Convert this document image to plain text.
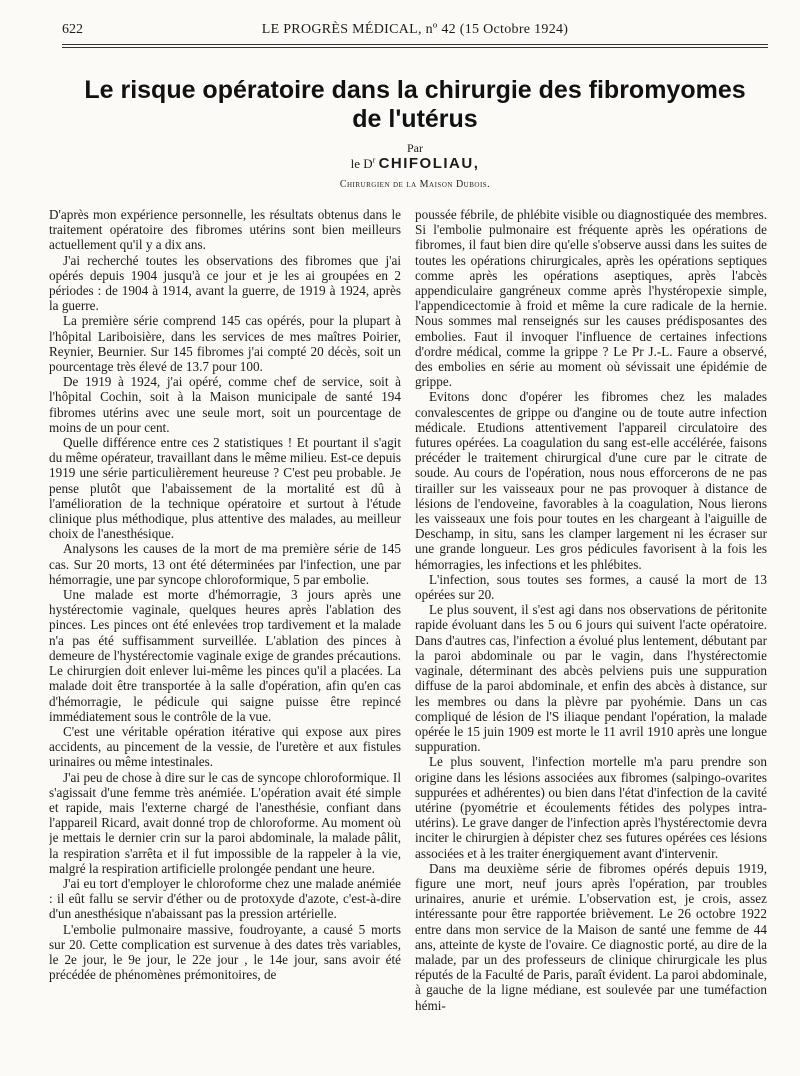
622	LE PROGRÈS MÉDICAL, nº 42 (15 Octobre 1924)
Le risque opératoire dans la chirurgie des fibromyomes
de l'utérus
Par
le $D^r$ CHIFOLIAU,
Chirurgien de la Maison Dubois.

D'après mon expérience personnelle, les résultats obtenus dans le traitement opératoire des fibromes utérins sont bien meilleurs actuellement qu'il y a dix ans.

J'ai recherché toutes les observations des fibromes que j'ai opérés depuis 1904 jusqu'à ce jour et je les ai groupées en 2 périodes : de 1904 à 1914, avant la guerre, de 1919 à 1924, après la guerre.

La première série comprend 145 cas opérés, pour la plupart à l'hôpital Lariboisière, dans les services de mes maîtres Poirier, Reynier, Beurnier. Sur 145 fibromes j'ai compté 20 décès, soit un pourcentage très élevé de 13.7 pour 100.

De 1919 à 1924, j'ai opéré, comme chef de service, soit à l'hôpital Cochin, soit à la Maison municipale de santé 194 fibromes utérins avec une seule mort, soit un pourcentage de moins de un pour cent.

Quelle différence entre ces 2 statistiques ! Et pourtant il s'agit du même opérateur, travaillant dans le même milieu. Est-ce depuis 1919 une série particulièrement heureuse ? C'est peu probable. Je pense plutôt que l'abaissement de la mortalité est dû à l'amélioration de la technique opératoire et surtout à l'étude clinique plus méthodique, plus attentive des malades, au meilleur choix de l'anesthésique.

Analysons les causes de la mort de ma première série de 145 cas. Sur 20 morts, 13 ont été déterminées par l'infection, une par hémorragie, une par syncope chloroformique, 5 par embolie.

Une malade est morte d'hémorragie, 3 jours après une hystérectomie vaginale, quelques heures après l'ablation des pinces. Les pinces ont été enlevées trop tardivement et la malade n'a pas été suffisamment surveillée. L'ablation des pinces à demeure de l'hystérectomie vaginale exige de grandes précautions. Le chirurgien doit enlever lui-même les pinces qu'il a placées. La malade doit être transportée à la salle d'opération, afin qu'en cas d'hémorragie, le pédicule qui saigne puisse être repincé immédiatement sous le contrôle de la vue.

C'est une véritable opération itérative qui expose aux pires accidents, au pincement de la vessie, de l'uretère et aux fistules urinaires ou même intestinales.

J'ai peu de chose à dire sur le cas de syncope chloroformique. Il s'agissait d'une femme très anémiée. L'opération avait été simple et rapide, mais l'externe chargé de l'anesthésie, confiant dans l'appareil Ricard, avait donné trop de chloroforme. Au moment où je mettais le dernier crin sur la paroi abdominale, la malade pâlit, la respiration s'arrêta et il fut impossible de la rappeler à la vie, malgré la respiration artificielle prolongée pendant une heure.

J'ai eu tort d'employer le chloroforme chez une malade anémiée : il eût fallu se servir d'éther ou de protoxyde d'azote, c'est-à-dire d'un anesthésique n'abaissant pas la pression artérielle.

L'embolie pulmonaire massive, foudroyante, a causé 5 morts sur 20. Cette complication est survenue à des dates très variables, le 2e jour, le 9e jour, le 22e jour , le 14e jour, sans avoir été précédée de phénomènes prémonitoires, de

poussée fébrile, de phlébite visible ou diagnostiquée des membres. Si l'embolie pulmonaire est fréquente après les opérations de fibromes, il faut bien dire qu'elle s'observe aussi dans les suites de toutes les opérations chirurgicales, après les opérations septiques comme après les opérations aseptiques, après l'abcès appendiculaire gangréneux comme après l'hystéropexie simple, l'appendicectomie à froid et même la cure radicale de la hernie. Nous sommes mal renseignés sur les causes prédisposantes des embolies. Faut il invoquer l'influence de certaines infections d'ordre médical, comme la grippe ? Le Pr J.-L. Faure a observé, des embolies en série au moment où sévissait une épidémie de grippe.

Evitons donc d'opérer les fibromes chez les malades convalescentes de grippe ou d'angine ou de toute autre infection médicale. Etudions attentivement l'appareil circulatoire des futures opérées. La coagulation du sang est-elle accélérée, faisons précéder le traitement chirurgical d'une cure par le citrate de soude. Au cours de l'opération, nous nous efforcerons de ne pas tirailler sur les vaisseaux pour ne pas provoquer à distance de lésions de l'endoveine, favorables à la coagulation, Nous lierons les vaisseaux une fois pour toutes en les chargeant à l'aiguille de Deschamp, in situ, sans les clamper largement ni les écraser sur une grande longueur. Les gros pédicules favorisent à la fois les hémorragies, les infections et les phlébites.

L'infection, sous toutes ses formes, a causé la mort de 13 opérées sur 20.

Le plus souvent, il s'est agi dans nos observations de péritonite rapide évoluant dans les 5 ou 6 jours qui suivent l'acte opératoire. Dans d'autres cas, l'infection a évolué plus lentement, débutant par la paroi abdominale ou par le vagin, dans l'hystérectomie vaginale, déterminant des abcès pelviens puis une suppuration diffuse de la paroi abdominale, et enfin des abcès à distance, sur les membres ou dans la plèvre par pyohémie. Dans un cas compliqué de lésion de l'S iliaque pendant l'opération, la malade opérée le 15 juin 1909 est morte le 11 avril 1910 après une longue suppuration.

Le plus souvent, l'infection mortelle m'a paru prendre son origine dans les lésions associées aux fibromes (salpingo-ovarites suppurées et adhérentes) ou bien dans l'état d'infection de la cavité utérine (pyométrie et écoulements fétides des polypes intra-utérins). Le grave danger de l'infection après l'hystérectomie devra inciter le chirurgien à dépister chez ses futures opérées ces lésions associées et à les traiter énergiquement avant d'intervenir.

Dans ma deuxième série de fibromes opérés depuis 1919, figure une mort, neuf jours après l'opération, par troubles urinaires, anurie et urémie. L'observation est, je crois, assez intéressante pour être rapportée brièvement. Le 26 octobre 1922 entre dans mon service de la Maison de santé une femme de 44 ans, atteinte de kyste de l'ovaire. Ce diagnostic porté, au dire de la malade, par un des professeurs de clinique chirurgicale les plus réputés de la Faculté de Paris, paraît évident. La paroi abdominale, à gauche de la ligne médiane, est soulevée par une tuméfaction hémi-
